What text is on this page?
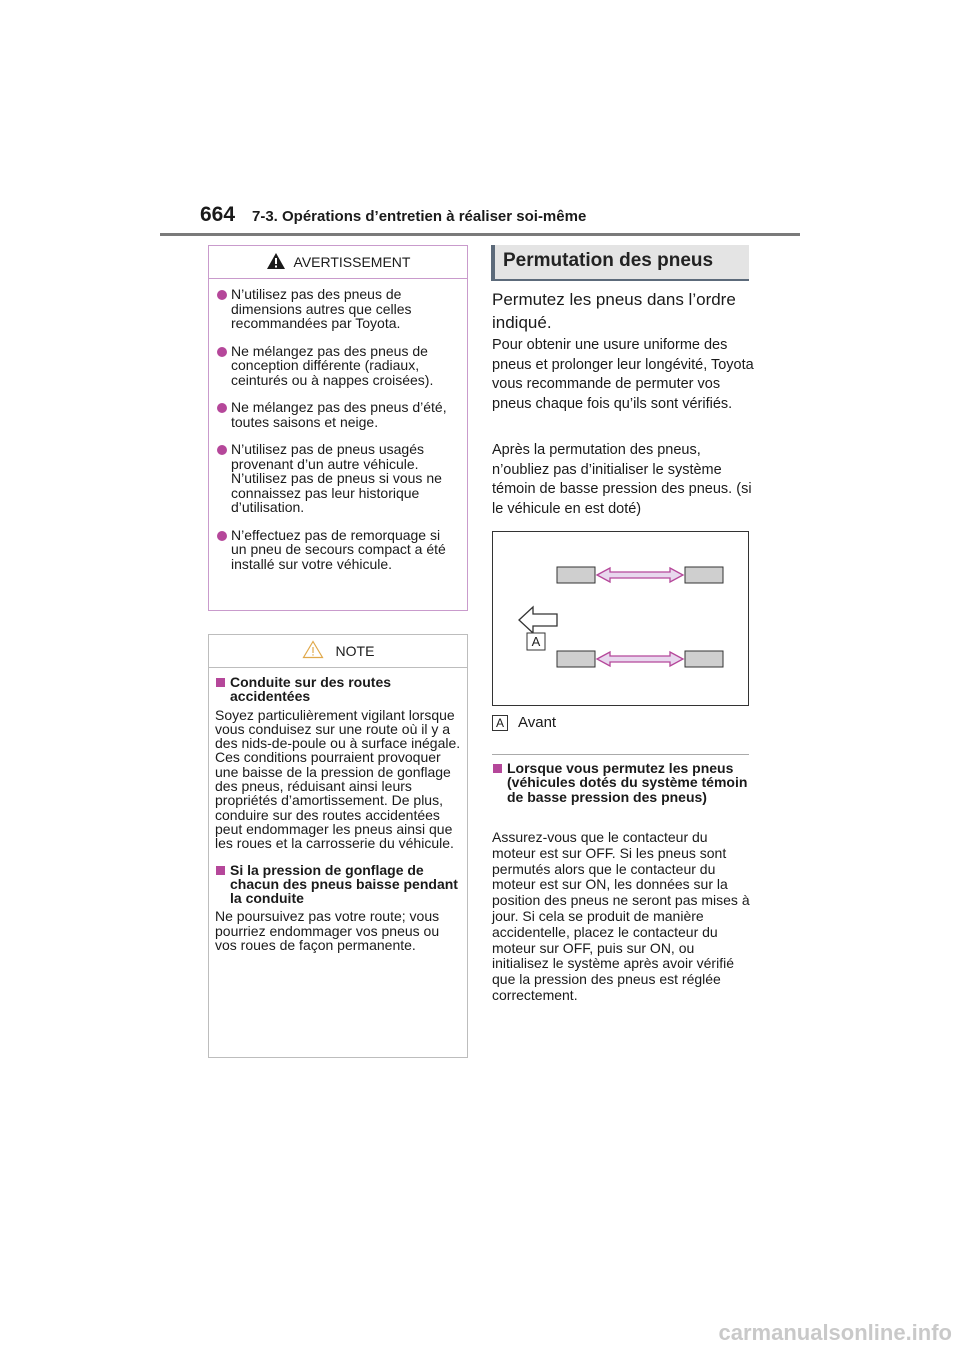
664 7-3. Opérations d’entretien à réaliser soi-même
AVERTISSEMENT
N’utilisez pas des pneus de dimensions autres que celles recommandées par Toyota.
Ne mélangez pas des pneus de conception différente (radiaux, ceinturés ou à nappes croisées).
Ne mélangez pas des pneus d’été, toutes saisons et neige.
N’utilisez pas de pneus usagés provenant d’un autre véhicule. N’utilisez pas de pneus si vous ne connaissez pas leur historique d’utilisation.
N’effectuez pas de remorquage si un pneu de secours compact a été installé sur votre véhicule.
NOTE
Conduite sur des routes accidentées

Soyez particulièrement vigilant lorsque vous conduisez sur une route où il y a des nids-de-poule ou à surface inégale.
Ces conditions pourraient provoquer une baisse de la pression de gonflage des pneus, réduisant ainsi leurs propriétés d’amortissement. De plus, conduire sur des routes accidentées peut endommager les pneus ainsi que les roues et la carrosserie du véhicule.

Si la pression de gonflage de chacun des pneus baisse pendant la conduite

Ne poursuivez pas votre route; vous pourriez endommager vos pneus ou vos roues de façon permanente.

Permutation des pneus
Permutez les pneus dans l’ordre indiqué.
Pour obtenir une usure uniforme des pneus et prolonger leur longévité, Toyota vous recommande de permuter vos pneus chaque fois qu’ils sont vérifiés.
Après la permutation des pneus, n’oubliez pas d’initialiser le système témoin de basse pression des pneus. (si le véhicule en est doté)
A
A Avant
Lorsque vous permutez les pneus (véhicules dotés du système témoin de basse pression des pneus)
Assurez-vous que le contacteur du moteur est sur OFF. Si les pneus sont permutés alors que le contacteur du moteur est sur ON, les données sur la position des pneus ne seront pas mises à jour. Si cela se produit de manière accidentelle, placez le contacteur du moteur sur OFF, puis sur ON, ou initialisez le système après avoir vérifié que la pression des pneus est réglée correctement.
carmanualsonline.info
